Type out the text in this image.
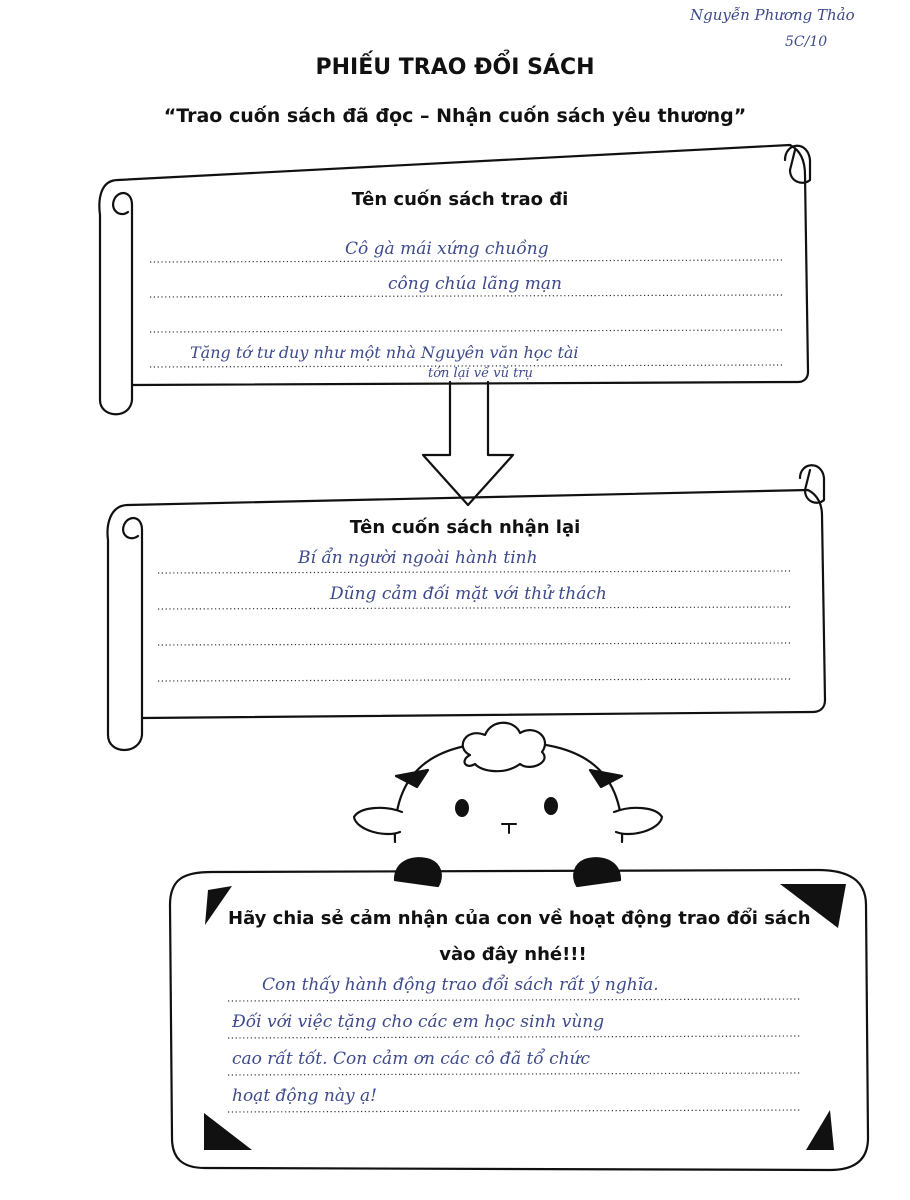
Nguyễn Phương Thảo
5C/10
PHIẾU TRAO ĐỔI SÁCH
“Trao cuốn sách đã đọc – Nhận cuốn sách yêu thương”
Tên cuốn sách trao đi
Cô gà mái xứng chuồng
công chúa lãng mạn
Tặng tớ tư duy như một nhà Nguyên văn học tài
tớn lại về vũ trụ
Tên cuốn sách nhận lại
Bí ẩn người ngoài hành tinh
Dũng cảm đối mặt với thử thách
Hãy chia sẻ cảm nhận của con về hoạt động trao đổi sách
vào đây nhé!!!
Con thấy hành động trao đổi sách rất ý nghĩa.
Đối với việc tặng cho các em học sinh vùng
cao rất tốt. Con cảm ơn các cô đã tổ chức
hoạt động này ạ!
